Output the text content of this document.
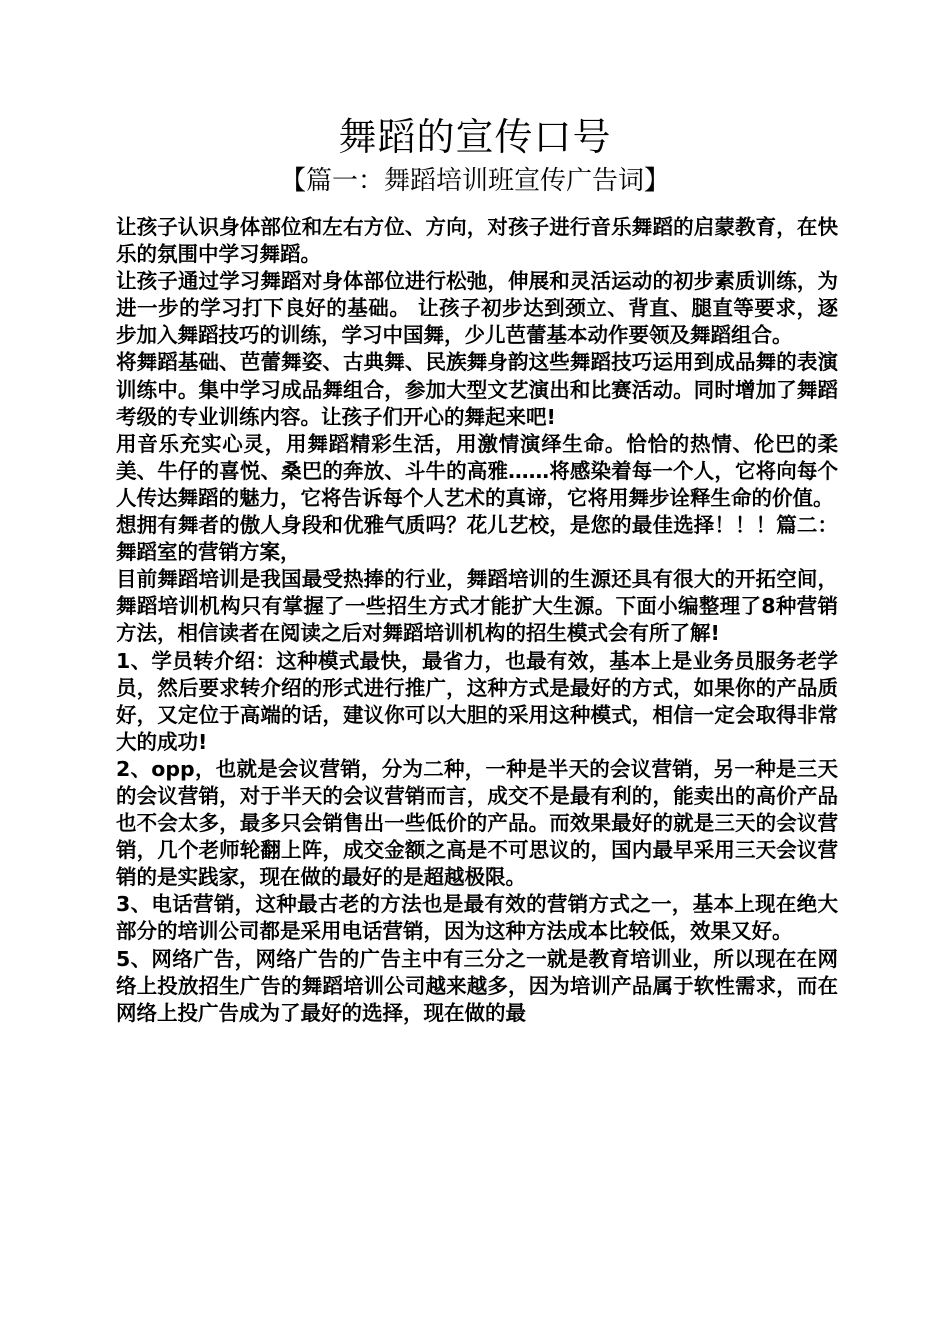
舞蹈的宣传口号
【篇一：舞蹈培训班宣传广告词】

让孩子认识身体部位和左右方位、方向，对孩子进行音乐舞蹈的启蒙教育，在快乐的氛围中学习舞蹈。

让孩子通过学习舞蹈对身体部位进行松弛，伸展和灵活运动的初步素质训练，为进一步的学习打下良好的基础。 让孩子初步达到颈立、背直、腿直等要求，逐步加入舞蹈技巧的训练，学习中国舞，少儿芭蕾基本动作要领及舞蹈组合。

将舞蹈基础、芭蕾舞姿、古典舞、民族舞身韵这些舞蹈技巧运用到成品舞的表演训练中。集中学习成品舞组合，参加大型文艺演出和比赛活动。同时增加了舞蹈考级的专业训练内容。让孩子们开心的舞起来吧!

用音乐充实心灵，用舞蹈精彩生活，用激情演绎生命。恰恰的热情、伦巴的柔美、牛仔的喜悦、桑巴的奔放、斗牛的高雅……将感染着每一个人，它将向每个人传达舞蹈的魅力，它将告诉每个人艺术的真谛，它将用舞步诠释生命的价值。

想拥有舞者的傲人身段和优雅气质吗？花儿艺校，是您的最佳选择！！！篇二：舞蹈室的营销方案，

目前舞蹈培训是我国最受热捧的行业，舞蹈培训的生源还具有很大的开拓空间，舞蹈培训机构只有掌握了一些招生方式才能扩大生源。下面小编整理了8种营销方法，相信读者在阅读之后对舞蹈培训机构的招生模式会有所了解!

1、学员转介绍：这种模式最快，最省力，也最有效，基本上是业务员服务老学员，然后要求转介绍的形式进行推广，这种方式是最好的方式，如果你的产品质好，又定位于高端的话，建议你可以大胆的采用这种模式，相信一定会取得非常大的成功!

2、opp，也就是会议营销，分为二种，一种是半天的会议营销，另一种是三天的会议营销，对于半天的会议营销而言，成交不是最有利的，能卖出的高价产品也不会太多，最多只会销售出一些低价的产品。而效果最好的就是三天的会议营销，几个老师轮翻上阵，成交金额之高是不可思议的，国内最早采用三天会议营销的是实践家，现在做的最好的是超越极限。

3、电话营销，这种最古老的方法也是最有效的营销方式之一，基本上现在绝大部分的培训公司都是采用电话营销，因为这种方法成本比较低，效果又好。

5、网络广告，网络广告的广告主中有三分之一就是教育培训业，所以现在在网络上投放招生广告的舞蹈培训公司越来越多，因为培训产品属于软性需求，而在网络上投广告成为了最好的选择，现在做的最
